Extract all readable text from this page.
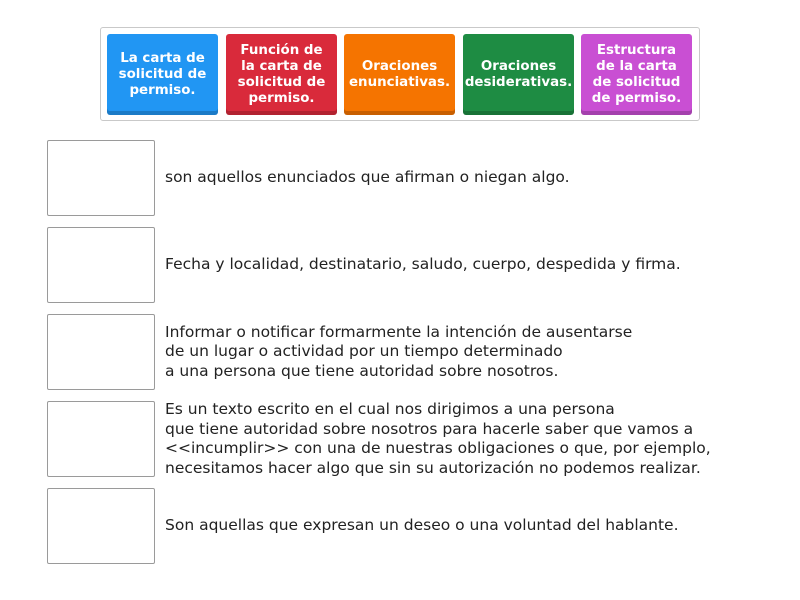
La carta de
solicitud de
permiso.
Función de
la carta de
solicitud de
permiso.
Oraciones
enunciativas.
Oraciones
desiderativas.
Estructura
de la carta
de solicitud
de permiso.
son aquellos enunciados que afirman o niegan algo.
Fecha y localidad, destinatario, saludo, cuerpo, despedida y firma.
Informar o notificar formarmente la intención de ausentarse
de un lugar o actividad por un tiempo determinado
a una persona que tiene autoridad sobre nosotros.
Es un texto escrito en el cual nos dirigimos a una persona
que tiene autoridad sobre nosotros para hacerle saber que vamos a
<<incumplir>> con una de nuestras obligaciones o que, por ejemplo,
necesitamos hacer algo que sin su autorización no podemos realizar.
Son aquellas que expresan un deseo o una voluntad del hablante.
